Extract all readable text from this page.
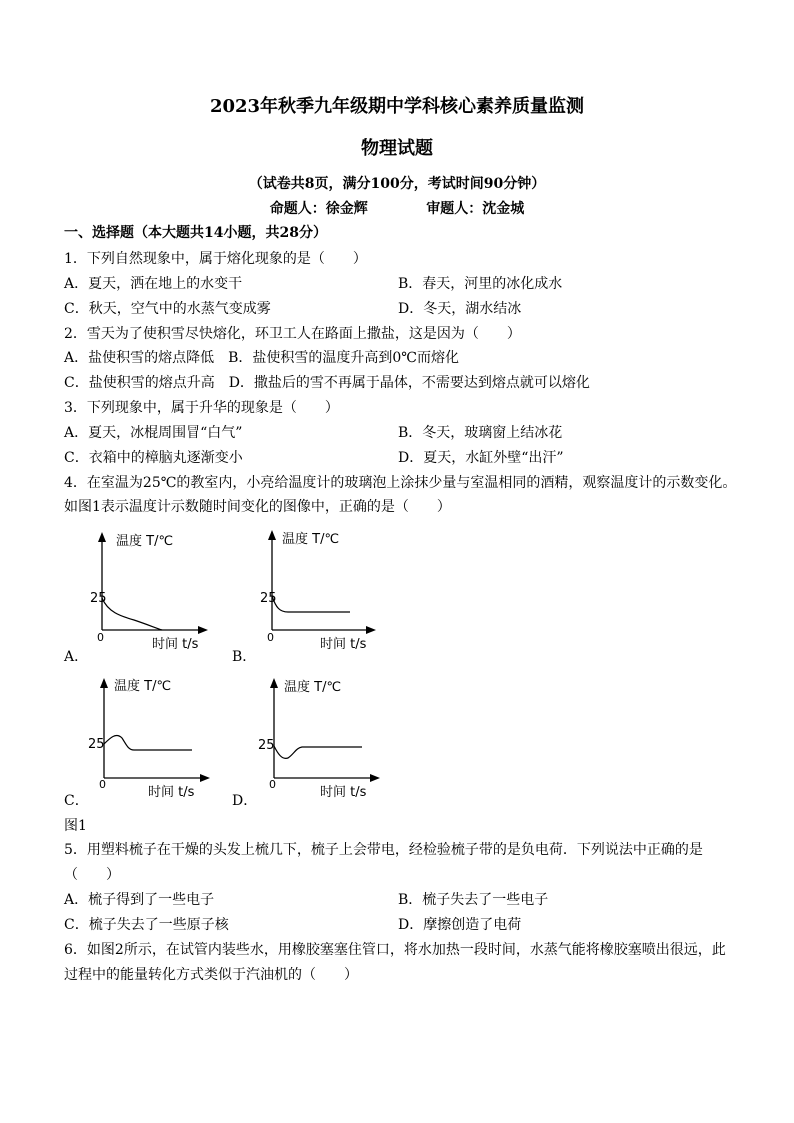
2023年秋季九年级期中学科核心素养质量监测
物理试题
（试卷共8页，满分100分，考试时间90分钟）
命题人：徐金辉            审题人：沈金城
一、选择题（本大题共14小题，共28分）
1．下列自然现象中，属于熔化现象的是（　　）
A．夏天，洒在地上的水变干	B．春天，河里的冰化成水
C．秋天，空气中的水蒸气变成雾	D．冬天，湖水结冰
2．雪天为了使积雪尽快熔化，环卫工人在路面上撒盐，这是因为（　　）
A．盐使积雪的熔点降低　B．盐使积雪的温度升高到0℃而熔化
C．盐使积雪的熔点升高　D．撒盐后的雪不再属于晶体，不需要达到熔点就可以熔化
3．下列现象中，属于升华的现象是（　　）
A．夏天，冰棍周围冒“白气”	B．冬天，玻璃窗上结冰花
C．衣箱中的樟脑丸逐渐变小	D．夏天，水缸外壁“出汗”
4．在室温为25℃的教室内，小亮给温度计的玻璃泡上涂抹少量与室温相同的酒精，观察温度计的示数变化。
如图1表示温度计示数随时间变化的图像中，正确的是（　　）
温度 T/℃
25
0	时间 t/s
A．
温度 T/℃
25
0	时间 t/s
B．
温度 T/℃
25
0
时间 t/s
C．
温度 T/℃
25
0
时间 t/s
D．
图1
5．用塑料梳子在干燥的头发上梳几下，梳子上会带电，经检验梳子带的是负电荷．下列说法中正确的是
（　　）
A．梳子得到了一些电子	B．梳子失去了一些电子
C．梳子失去了一些原子核	D．摩擦创造了电荷
6．如图2所示，在试管内装些水，用橡胶塞塞住管口，将水加热一段时间，水蒸气能将橡胶塞喷出很远，此
过程中的能量转化方式类似于汽油机的（　　）
